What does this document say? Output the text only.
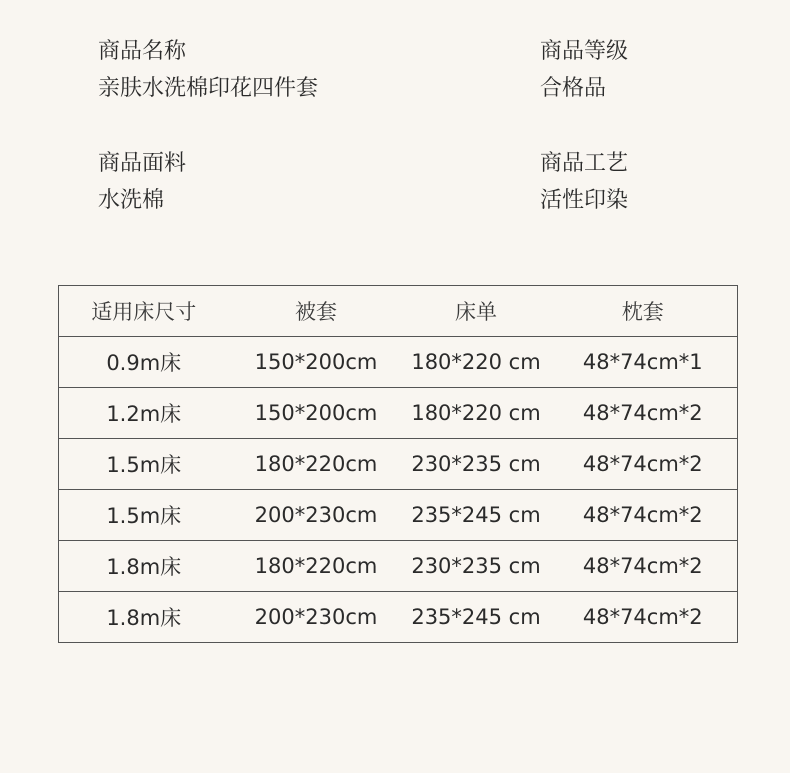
商品名称
亲肤水洗棉印花四件套
商品等级
合格品
商品面料
水洗棉
商品工艺
活性印染
适用床尺寸	被套	床单	枕套
0.9m床	150*200cm	180*220 cm	48*74cm*1
1.2m床	150*200cm	180*220 cm	48*74cm*2
1.5m床	180*220cm	230*235 cm	48*74cm*2
1.5m床	200*230cm	235*245 cm	48*74cm*2
1.8m床	180*220cm	230*235 cm	48*74cm*2
1.8m床	200*230cm	235*245 cm	48*74cm*2
